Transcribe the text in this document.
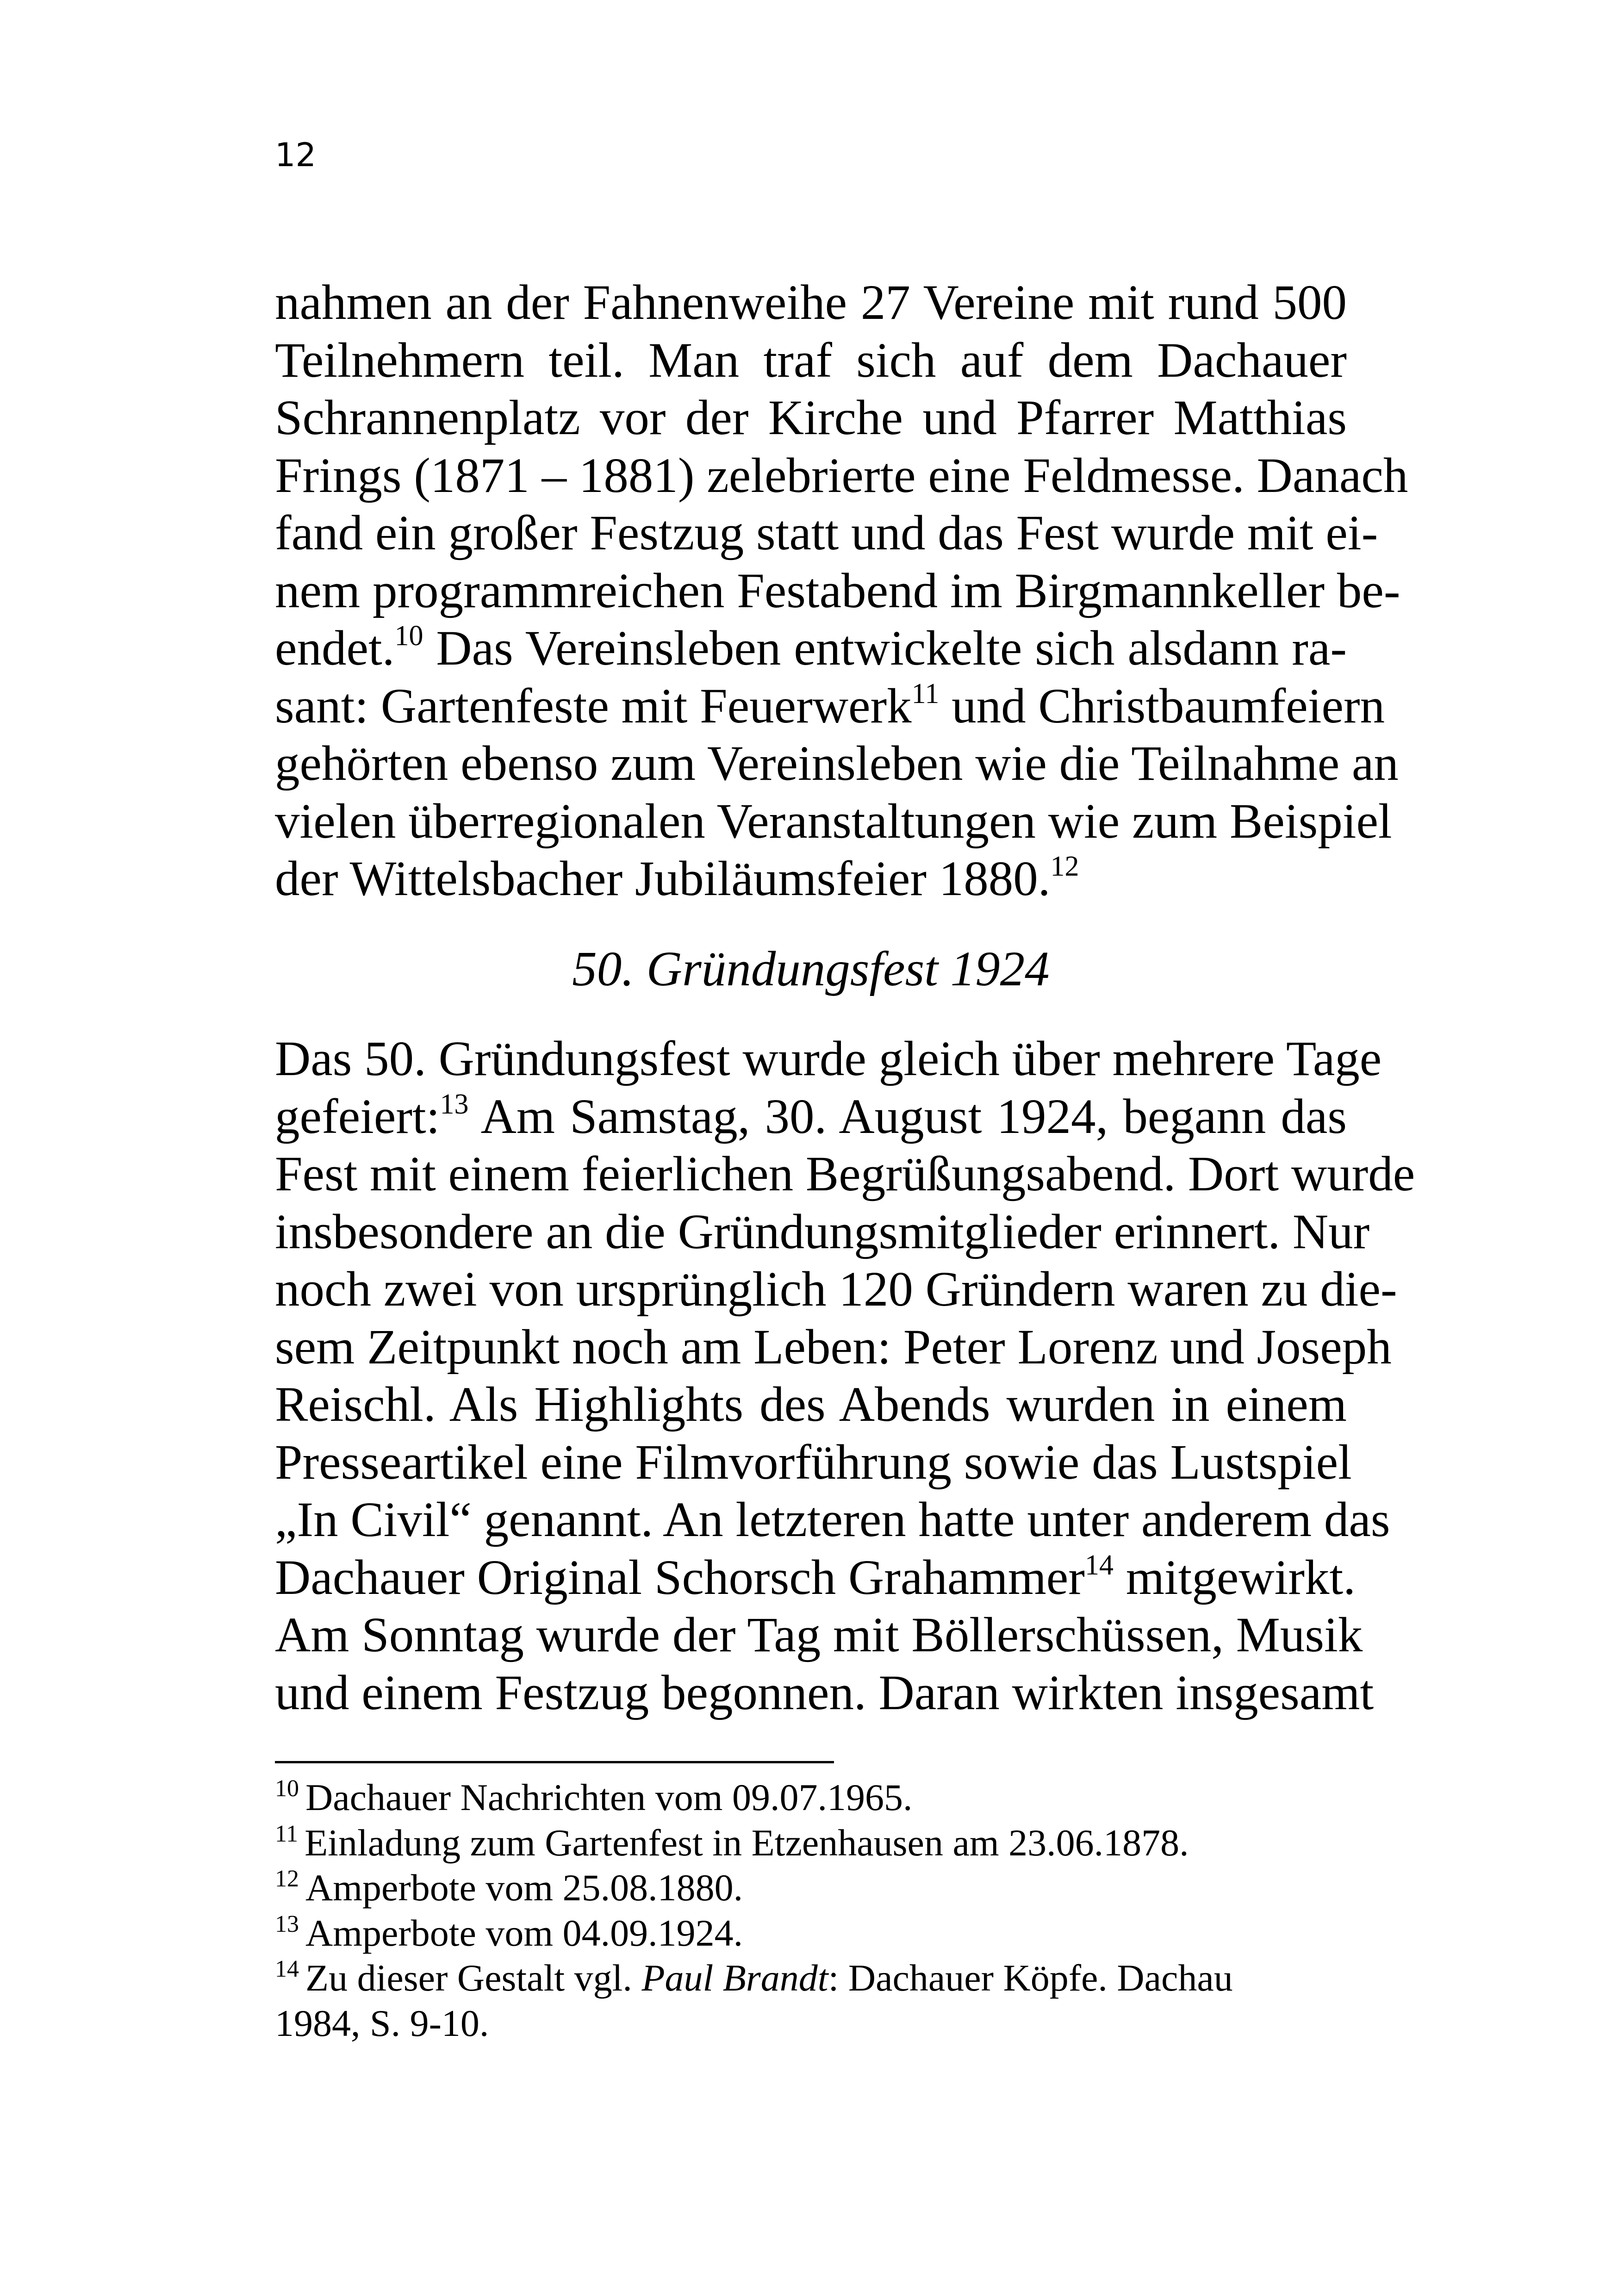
12
nahmen an der Fahnenweihe 27 Vereine mit rund 500
Teilnehmern teil. Man traf sich auf dem Dachauer
Schrannenplatz vor der Kirche und Pfarrer Matthias
Frings (1871 – 1881) zelebrierte eine Feldmesse. Danach
fand ein großer Festzug statt und das Fest wurde mit ei-
nem programmreichen Festabend im Birgmannkeller be-
endet.$^{10}$ Das Vereinsleben entwickelte sich alsdann ra-
sant: Gartenfeste mit Feuerwerk$^{11}$ und Christbaumfeiern
gehörten ebenso zum Vereinsleben wie die Teilnahme an
vielen überregionalen Veranstaltungen wie zum Beispiel
der Wittelsbacher Jubiläumsfeier 1880.12
50. Gründungsfest 1924
Das 50. Gründungsfest wurde gleich über mehrere Tage
gefeiert:$^{13}$ Am Samstag, 30. August 1924, begann das
Fest mit einem feierlichen Begrüßungsabend. Dort wurde
insbesondere an die Gründungsmitglieder erinnert. Nur
noch zwei von ursprünglich 120 Gründern waren zu die-
sem Zeitpunkt noch am Leben: Peter Lorenz und Joseph
Reischl. Als Highlights des Abends wurden in einem
Presseartikel eine Filmvorführung sowie das Lustspiel
„In Civil“ genannt. An letzteren hatte unter anderem das
Dachauer Original Schorsch Grahammer$^{14}$ mitgewirkt.
Am Sonntag wurde der Tag mit Böllerschüssen, Musik
und einem Festzug begonnen. Daran wirkten insgesamt
$^{10}$ Dachauer Nachrichten vom 09.07.1965.
$^{11}$ Einladung zum Gartenfest in Etzenhausen am 23.06.1878.
$^{12}$ Amperbote vom 25.08.1880.
$^{13}$ Amperbote vom 04.09.1924.
$^{14}$ Zu dieser Gestalt vgl. Paul Brandt: Dachauer Köpfe. Dachau
1984, S. 9-10.
